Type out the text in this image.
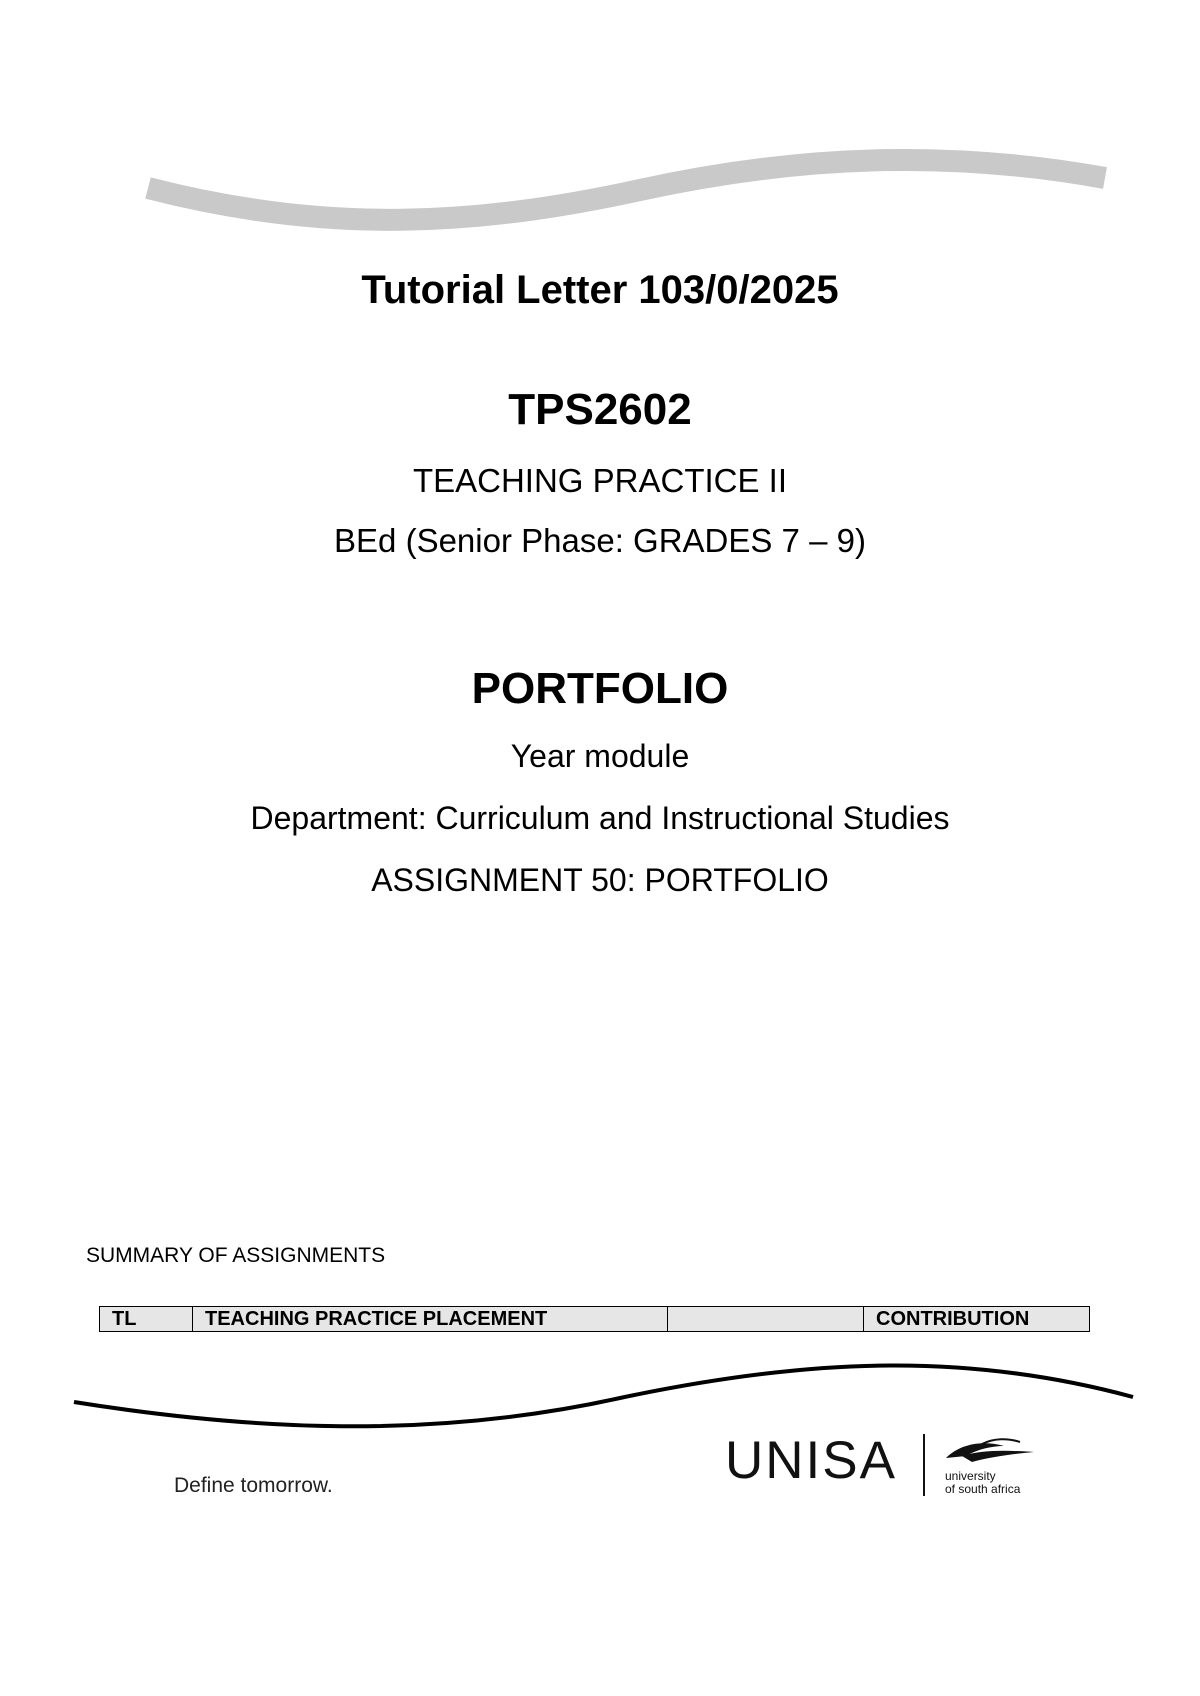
Tutorial Letter 103/0/2025
TPS2602
TEACHING PRACTICE II
BEd (Senior Phase: GRADES 7 – 9)
PORTFOLIO
Year module
Department: Curriculum and Instructional Studies
ASSIGNMENT 50: PORTFOLIO
SUMMARY OF ASSIGNMENTS
TL	TEACHING PRACTICE PLACEMENT		CONTRIBUTION
Define tomorrow.	UNISA	university
of south africa
